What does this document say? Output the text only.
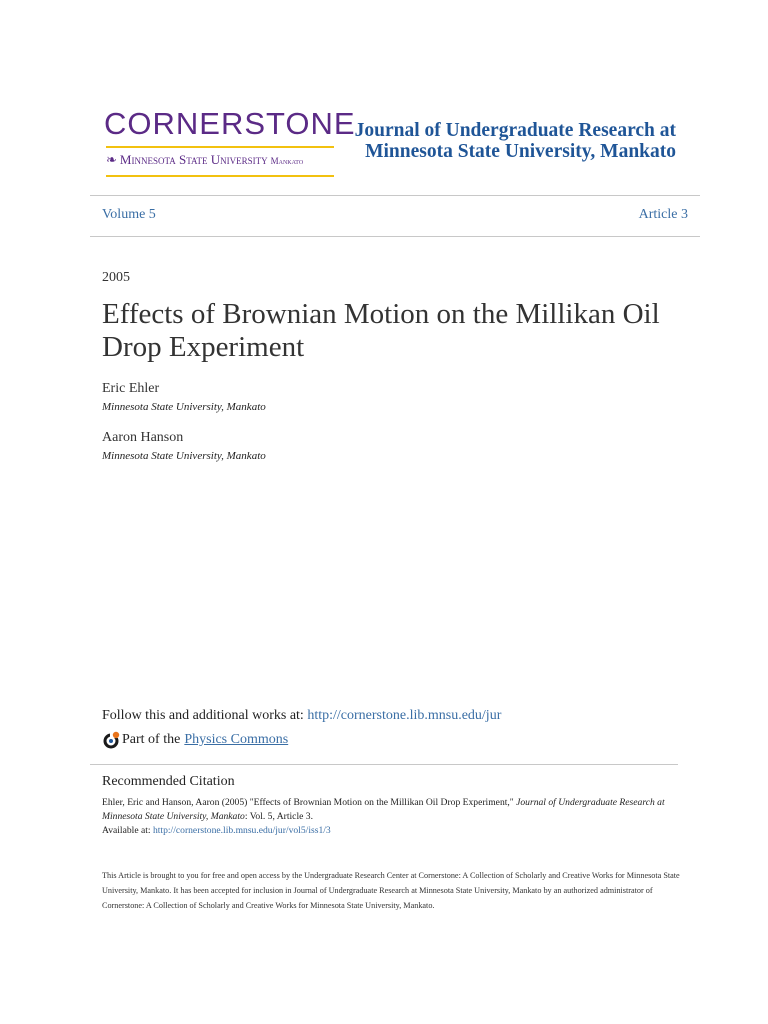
CORNERSTONE
❧ Minnesota State University Mankato
Journal of Undergraduate Research at Minnesota State University, Mankato
Volume 5	Article 3
2005
Effects of Brownian Motion on the Millikan Oil Drop Experiment
Eric Ehler
Minnesota State University, Mankato
Aaron Hanson
Minnesota State University, Mankato
Follow this and additional works at: http://cornerstone.lib.mnsu.edu/jur
Part of the Physics Commons
Recommended Citation
Ehler, Eric and Hanson, Aaron (2005) "Effects of Brownian Motion on the Millikan Oil Drop Experiment," Journal of Undergraduate Research at Minnesota State University, Mankato: Vol. 5, Article 3.
Available at: http://cornerstone.lib.mnsu.edu/jur/vol5/iss1/3
This Article is brought to you for free and open access by the Undergraduate Research Center at Cornerstone: A Collection of Scholarly and Creative Works for Minnesota State University, Mankato. It has been accepted for inclusion in Journal of Undergraduate Research at Minnesota State University, Mankato by an authorized administrator of Cornerstone: A Collection of Scholarly and Creative Works for Minnesota State University, Mankato.
